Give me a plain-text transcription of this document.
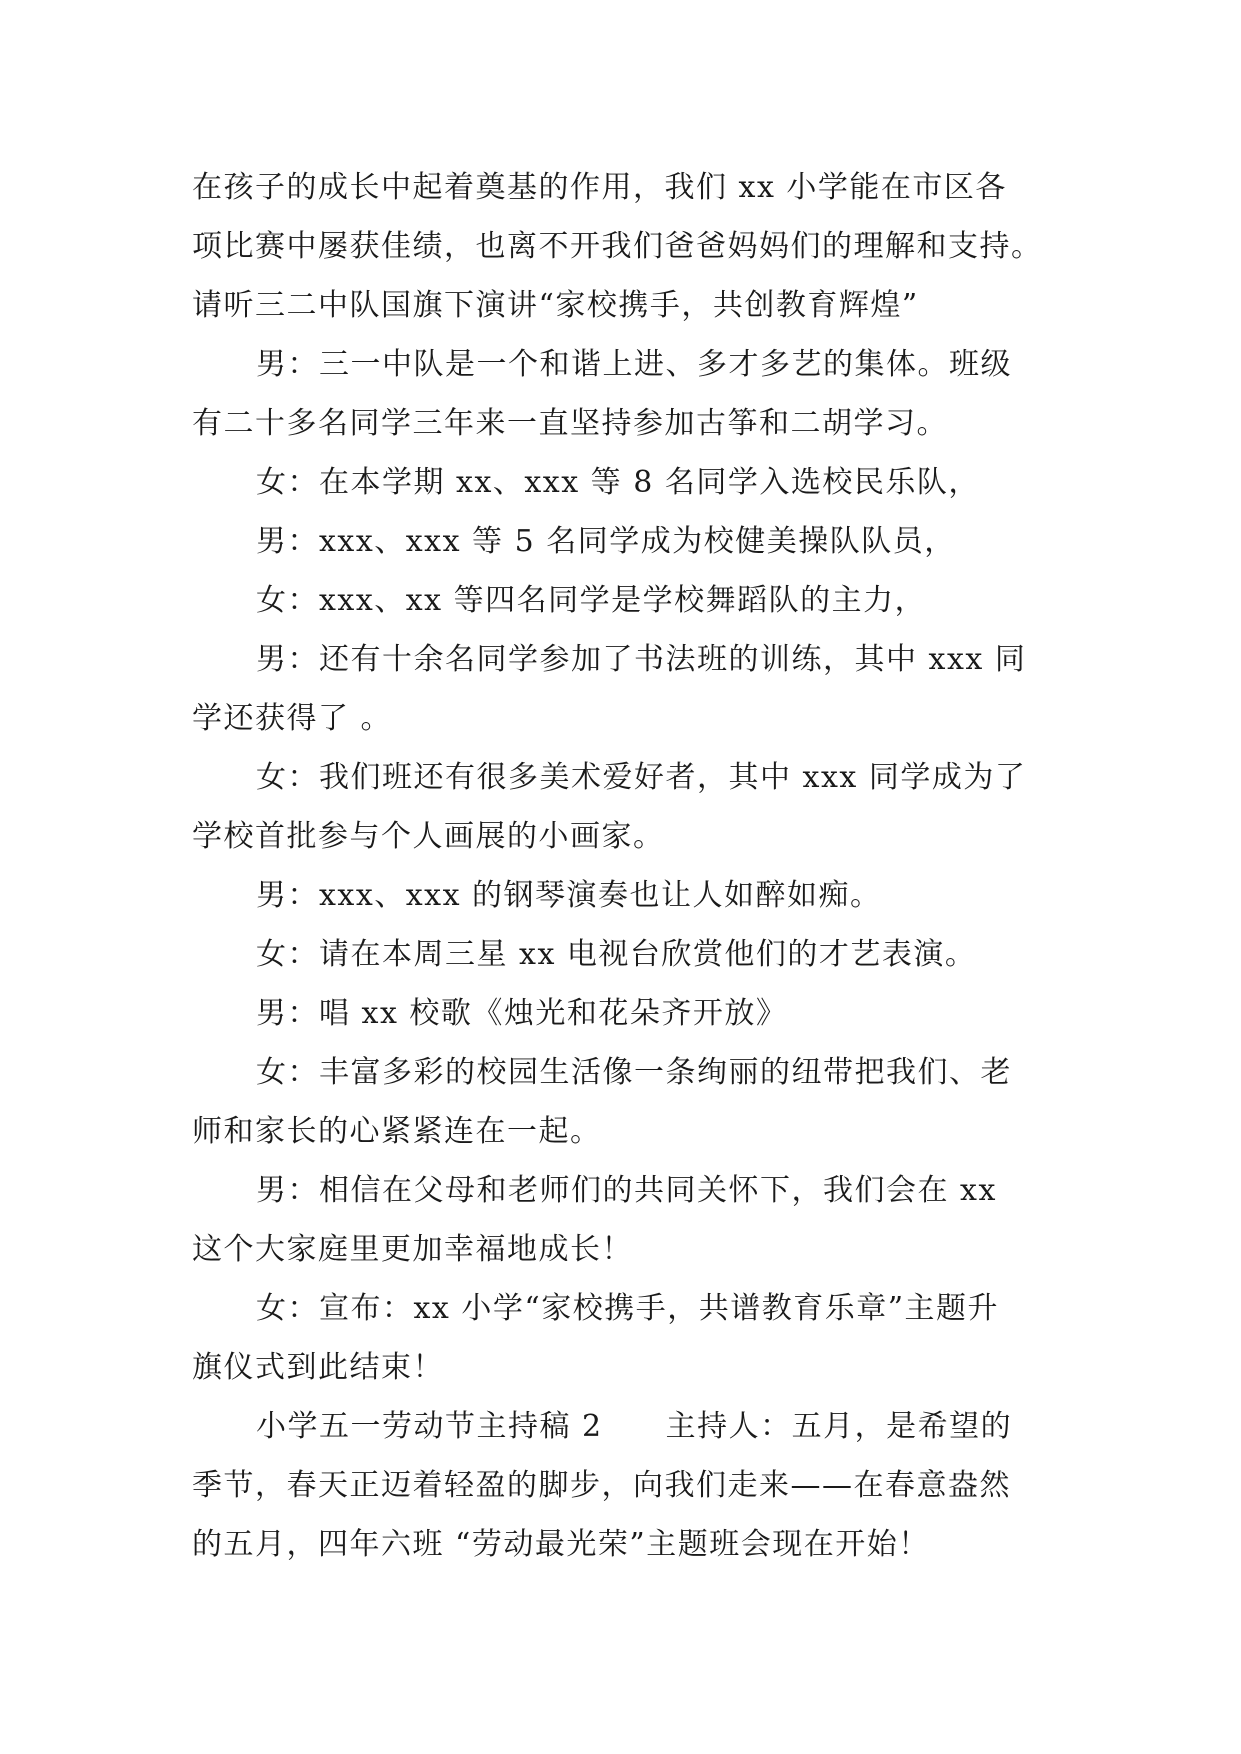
在孩子的成长中起着奠基的作用，我们 xx 小学能在市区各
项比赛中屡获佳绩，也离不开我们爸爸妈妈们的理解和支持。
请听三二中队国旗下演讲“家校携手，共创教育辉煌”
男：三一中队是一个和谐上进、多才多艺的集体。班级
有二十多名同学三年来一直坚持参加古筝和二胡学习。
女：在本学期 xx、xxx 等 8 名同学入选校民乐队，
男：xxx、xxx 等 5 名同学成为校健美操队队员，
女：xxx、xx 等四名同学是学校舞蹈队的主力，
男：还有十余名同学参加了书法班的训练，其中 xxx 同
学还获得了 。
女：我们班还有很多美术爱好者，其中 xxx 同学成为了
学校首批参与个人画展的小画家。
男：xxx、xxx 的钢琴演奏也让人如醉如痴。
女：请在本周三星 xx 电视台欣赏他们的才艺表演。
男：唱 xx 校歌《烛光和花朵齐开放》
女：丰富多彩的校园生活像一条绚丽的纽带把我们、老
师和家长的心紧紧连在一起。
男：相信在父母和老师们的共同关怀下，我们会在 xx
这个大家庭里更加幸福地成长！
女：宣布：xx 小学“家校携手，共谱教育乐章”主题升
旗仪式到此结束！
小学五一劳动节主持稿 2　　主持人：五月，是希望的
季节，春天正迈着轻盈的脚步，向我们走来——在春意盎然
的五月，四年六班 “劳动最光荣”主题班会现在开始！
